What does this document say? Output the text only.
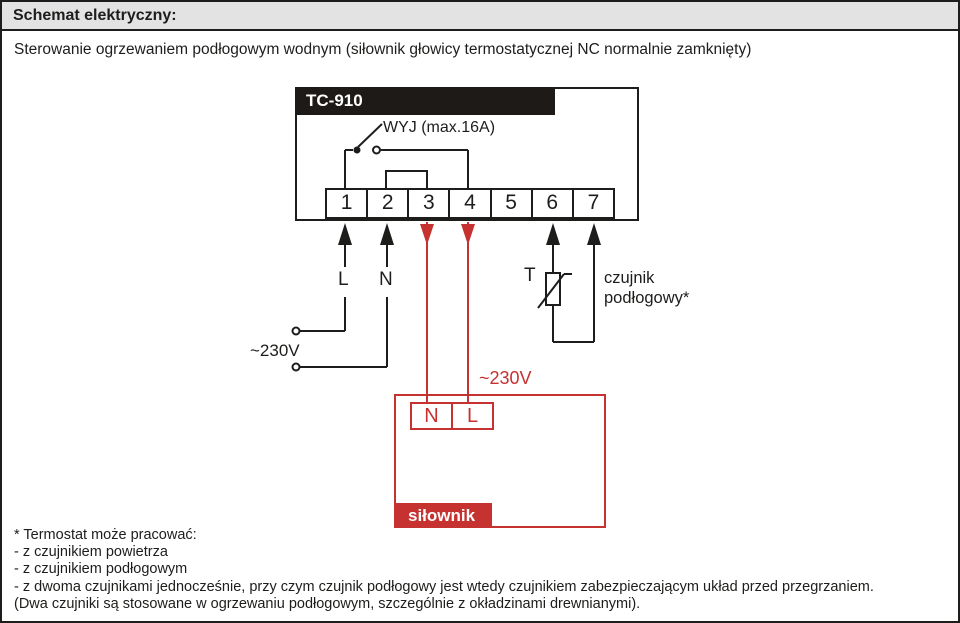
Schemat elektryczny:
Sterowanie ogrzewaniem podłogowym wodnym (siłownik głowicy termostatycznej NC normalnie zamknięty)
TC-910
1	2	3	4	5	6	7
N	L
siłownik
WYJ (max.16A)
L N
~230V
~230V
T	czujnik
podłogowy*
* Termostat może pracować:
- z czujnikiem powietrza
- z czujnikiem podłogowym
- z dwoma czujnikami jednocześnie, przy czym czujnik podłogowy jest wtedy czujnikiem zabezpieczającym układ przed przegrzaniem.
(Dwa czujniki są stosowane w ogrzewaniu podłogowym, szczególnie z okładzinami drewnianymi).
